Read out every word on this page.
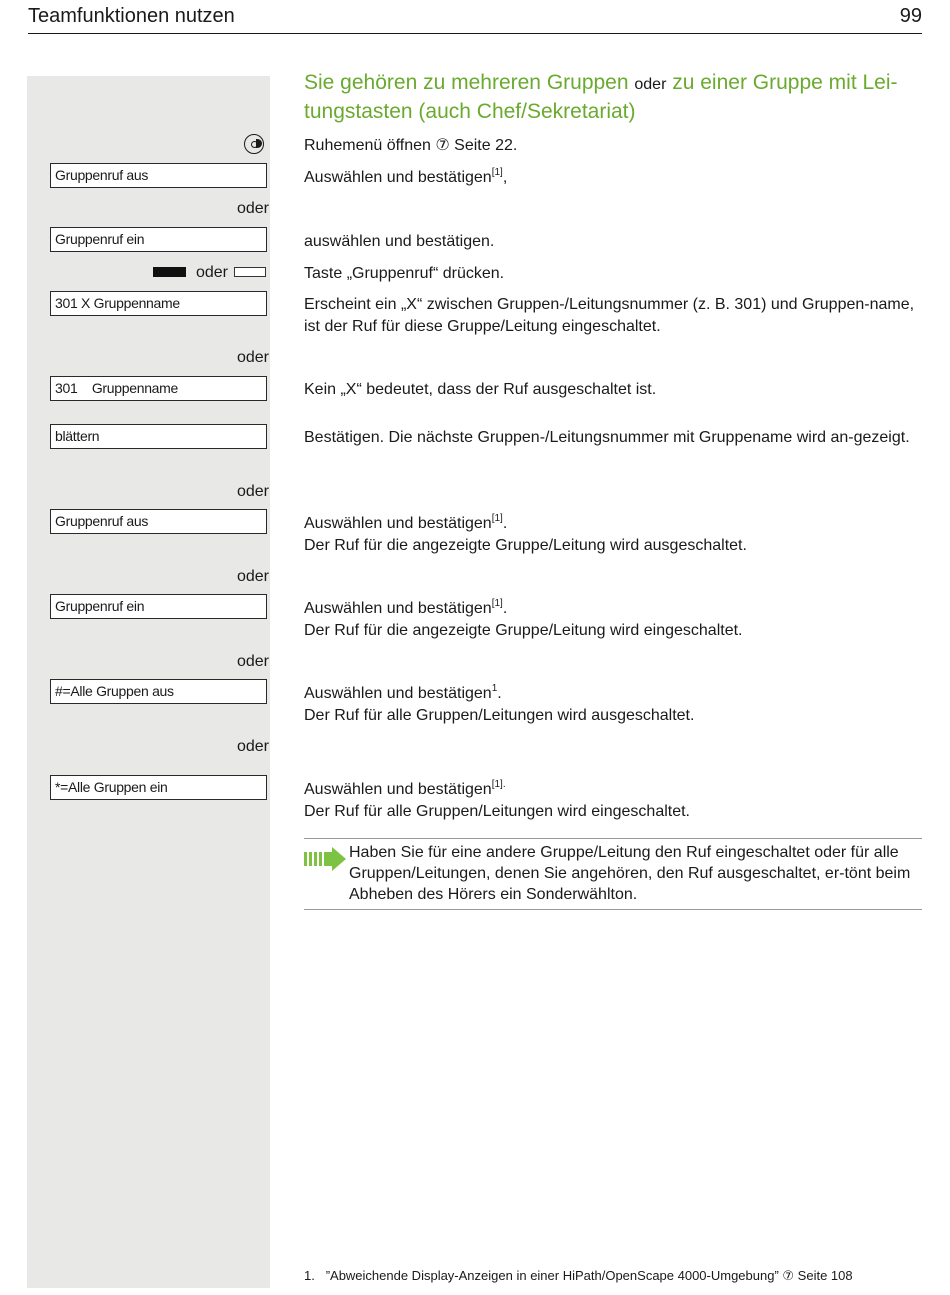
Teamfunktionen nutzen	99
Sie gehören zu mehreren Gruppen oder zu einer Gruppe mit Lei-tungstasten (auch Chef/Sekretariat)
Gruppenruf aus
oder
Gruppenruf ein
oder
301 X Gruppenname
oder
301    Gruppenname
blättern
oder
Gruppenruf aus
oder
Gruppenruf ein
oder
#=Alle Gruppen aus
oder
*=Alle Gruppen ein
Ruhemenü öffnen ⑦ Seite 22.
Auswählen und bestätigen[1],
auswählen und bestätigen.
Taste „Gruppenruf“ drücken.
Erscheint ein „X“ zwischen Gruppen-/Leitungsnummer (z. B. 301) und Gruppen-name, ist der Ruf für diese Gruppe/Leitung eingeschaltet.
Kein „X“ bedeutet, dass der Ruf ausgeschaltet ist.
Bestätigen. Die nächste Gruppen-/Leitungsnummer mit Gruppename wird an-gezeigt.
Auswählen und bestätigen[1].
Der Ruf für die angezeigte Gruppe/Leitung wird ausgeschaltet.
Auswählen und bestätigen[1].
Der Ruf für die angezeigte Gruppe/Leitung wird eingeschaltet.
Auswählen und bestätigen$^1$.
Der Ruf für alle Gruppen/Leitungen wird ausgeschaltet.
Auswählen und bestätigen$^{[1].}$
Der Ruf für alle Gruppen/Leitungen wird eingeschaltet.
Haben Sie für eine andere Gruppe/Leitung den Ruf eingeschaltet oder für alle Gruppen/Leitungen, denen Sie angehören, den Ruf ausgeschaltet, er-tönt beim Abheben des Hörers ein Sonderwählton.
1. ”Abweichende Display-Anzeigen in einer HiPath/OpenScape 4000-Umgebung” ⑦ Seite 108
